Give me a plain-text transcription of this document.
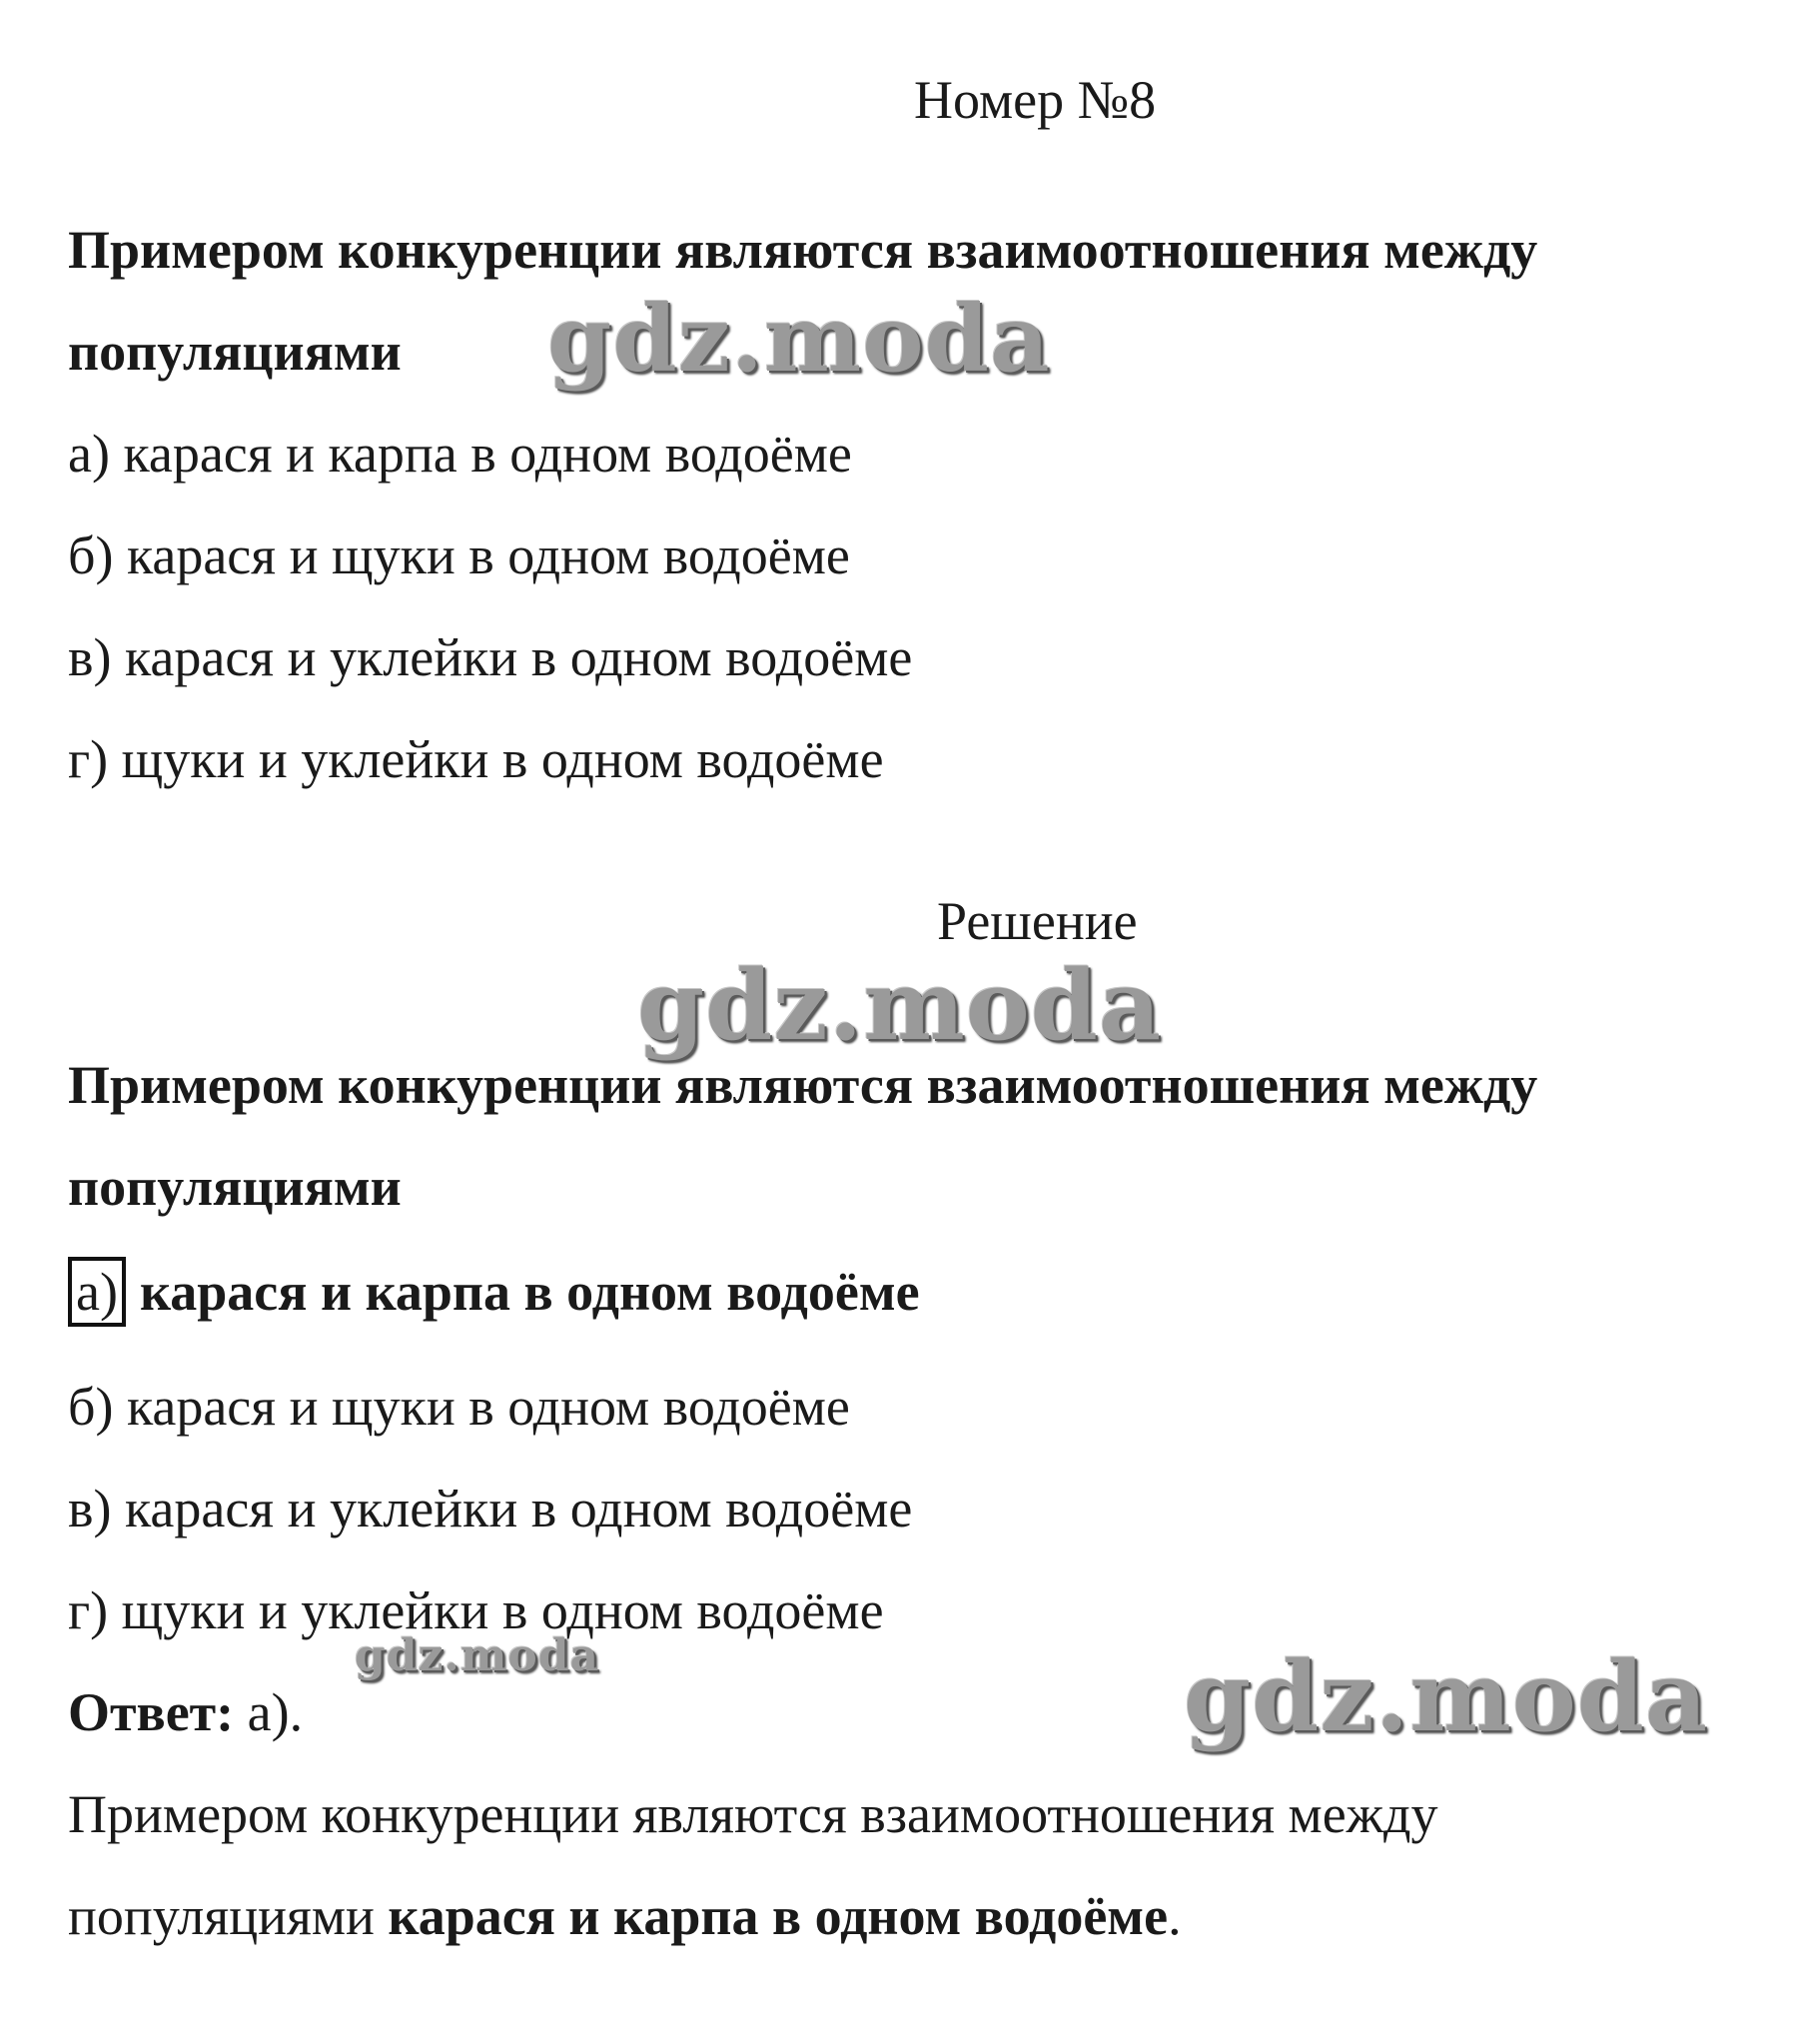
Номер №8
Примером конкуренции являются взаимоотношения между
популяциями
а) карася и карпа в одном водоёме
б) карася и щуки в одном водоёме
в) карася и уклейки в одном водоёме
г) щуки и уклейки в одном водоёме
Решение
Примером конкуренции являются взаимоотношения между
популяциями
а) карася и карпа в одном водоёме
б) карася и щуки в одном водоёме
в) карася и уклейки в одном водоёме
г) щуки и уклейки в одном водоёме
Ответ: а).
Примером конкуренции являются взаимоотношения между
популяциями карася и карпа в одном водоёме.
gdz.moda
gdz.moda
gdz.moda	gdz.moda
